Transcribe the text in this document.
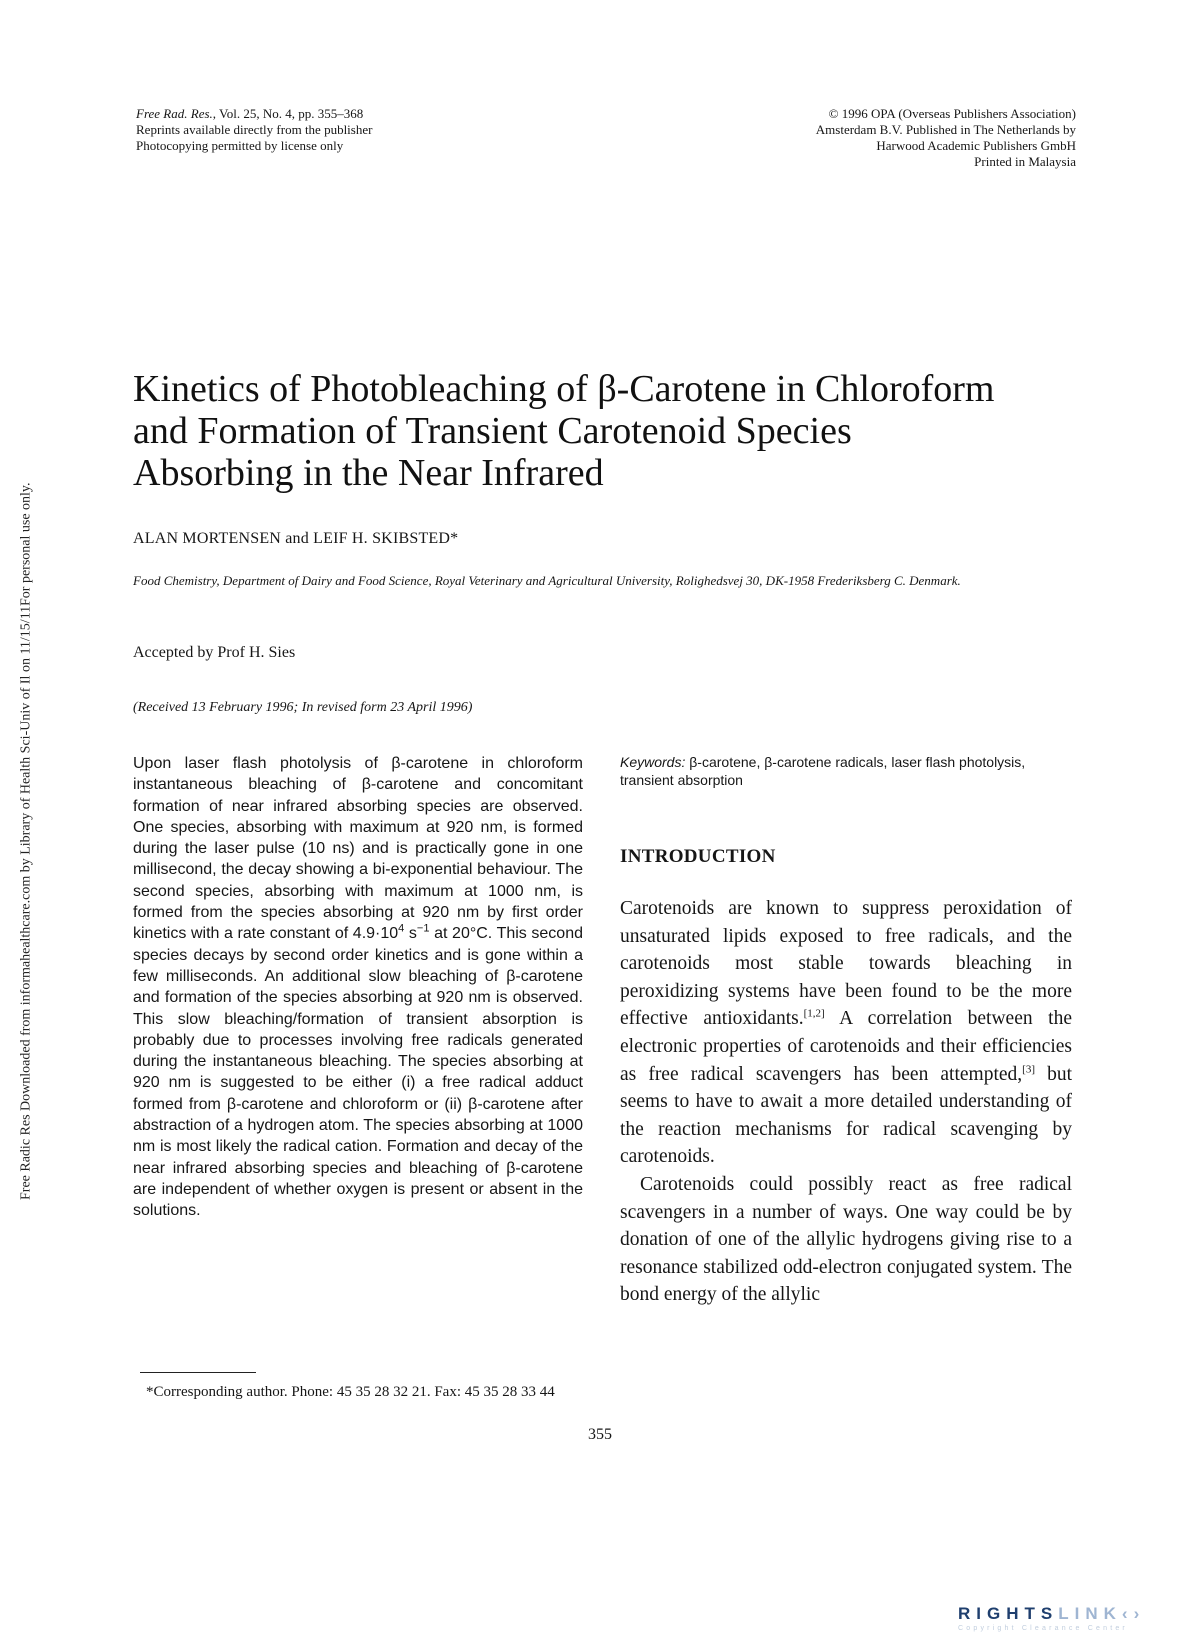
Free Rad. Res., Vol. 25, No. 4, pp. 355–368
Reprints available directly from the publisher
Photocopying permitted by license only
© 1996 OPA (Overseas Publishers Association)
Amsterdam B.V. Published in The Netherlands by
Harwood Academic Publishers GmbH
Printed in Malaysia
Free Radic Res Downloaded from informahealthcare.com by Library of Health Sci-Univ of Il on 11/15/11
For personal use only.
Kinetics of Photobleaching of β-Carotene in Chloroform
and Formation of Transient Carotenoid Species
Absorbing in the Near Infrared
ALAN MORTENSEN and LEIF H. SKIBSTED*
Food Chemistry, Department of Dairy and Food Science, Royal Veterinary and Agricultural University, Rolighedsvej 30, DK-1958 Frederiksberg C. Denmark.
Accepted by Prof H. Sies
(Received 13 February 1996; In revised form 23 April 1996)

Upon laser flash photolysis of β-carotene in chloroform instantaneous bleaching of β-carotene and concomitant formation of near infrared absorbing species are observed. One species, absorbing with maximum at 920 nm, is formed during the laser pulse (10 ns) and is practically gone in one millisecond, the decay showing a bi-exponential behaviour. The second species, absorbing with maximum at 1000 nm, is formed from the species absorbing at 920 nm by first order kinetics with a rate constant of $4.9\cdot 10^4$ $s^{-1}$ at 20°C. This second species decays by second order kinetics and is gone within a few milliseconds. An additional slow bleaching of β-carotene and formation of the species absorbing at 920 nm is observed. This slow bleaching/formation of transient absorption is probably due to processes involving free radicals generated during the instantaneous bleaching. The species absorbing at 920 nm is suggested to be either (i) a free radical adduct formed from β-carotene and chloroform or (ii) β-carotene after abstraction of a hydrogen atom. The species absorbing at 1000 nm is most likely the radical cation. Formation and decay of the near infrared absorbing species and bleaching of β-carotene are independent of whether oxygen is present or absent in the solutions.

Keywords: β-carotene, β-carotene radicals, laser flash photolysis, transient absorption
INTRODUCTION

Carotenoids are known to suppress peroxidation of unsaturated lipids exposed to free radicals, and the carotenoids most stable towards bleaching in peroxidizing systems have been found to be the more effective antioxidants.[1,2] A correlation between the electronic properties of carotenoids and their efficiencies as free radical scavengers has been attempted,[3] but seems to have to await a more detailed understanding of the reaction mechanisms for radical scavenging by carotenoids.

Carotenoids could possibly react as free radical scavengers in a number of ways. One way could be by donation of one of the allylic hydrogens giving rise to a resonance stabilized odd-electron conjugated system. The bond energy of the allylic

*Corresponding author. Phone: 45 35 28 32 21. Fax: 45 35 28 33 44
355
RIGHTSLINK‹›
Copyright Clearance Center
